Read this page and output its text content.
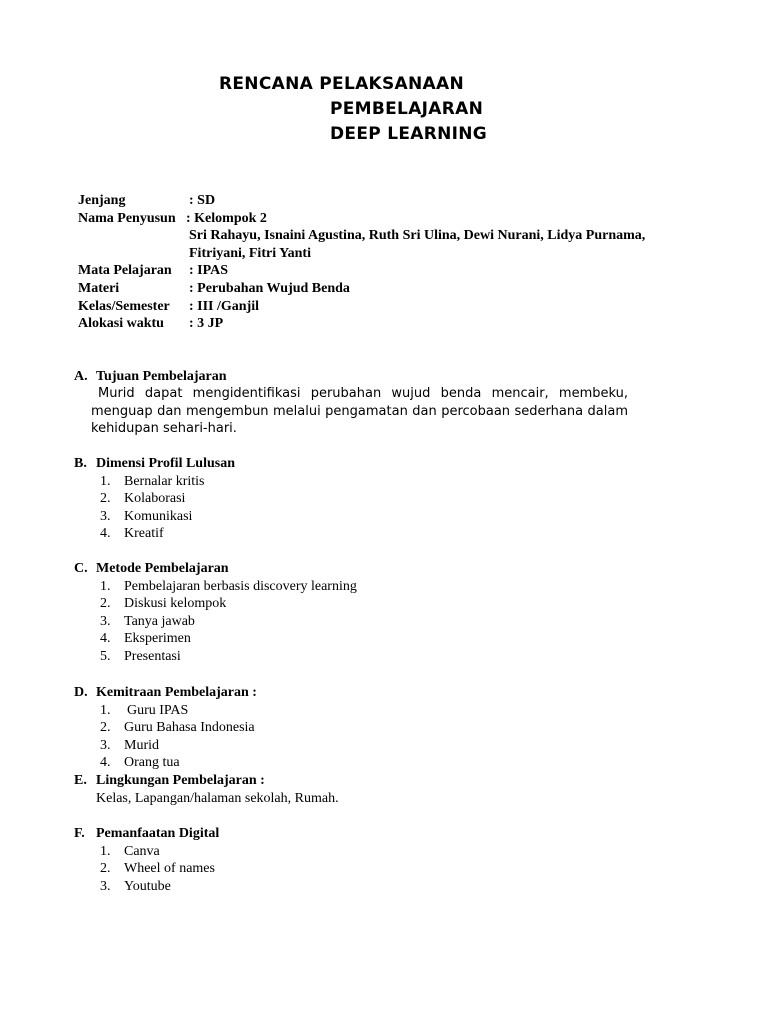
RENCANA PELAKSANAAN
PEMBELAJARAN
DEEP LEARNING
Jenjang	: SD
Nama Penyusun : Kelompok 2
Sri Rahayu, Isnaini Agustina, Ruth Sri Ulina, Dewi Nurani, Lidya Purnama,
Fitriyani, Fitri Yanti
Mata Pelajaran : IPAS
Materi	: Perubahan Wujud Benda
Kelas/Semester : III /Ganjil
Alokasi waktu : 3 JP
A. Tujuan Pembelajaran
Murid dapat mengidentifikasi perubahan wujud benda mencair, membeku, menguap dan mengembun melalui pengamatan dan percobaan sederhana dalam kehidupan sehari-hari.
B. Dimensi Profil Lulusan
1. Bernalar kritis
2. Kolaborasi
3. Komunikasi
4. Kreatif
C. Metode Pembelajaran
1. Pembelajaran berbasis discovery learning
2. Diskusi kelompok
3. Tanya jawab
4. Eksperimen
5. Presentasi
D. Kemitraan Pembelajaran :
1. Guru IPAS
2. Guru Bahasa Indonesia
3. Murid
4. Orang tua
E. Lingkungan Pembelajaran :
Kelas, Lapangan/halaman sekolah, Rumah.
F. Pemanfaatan Digital
1. Canva
2. Wheel of names
3. Youtube
